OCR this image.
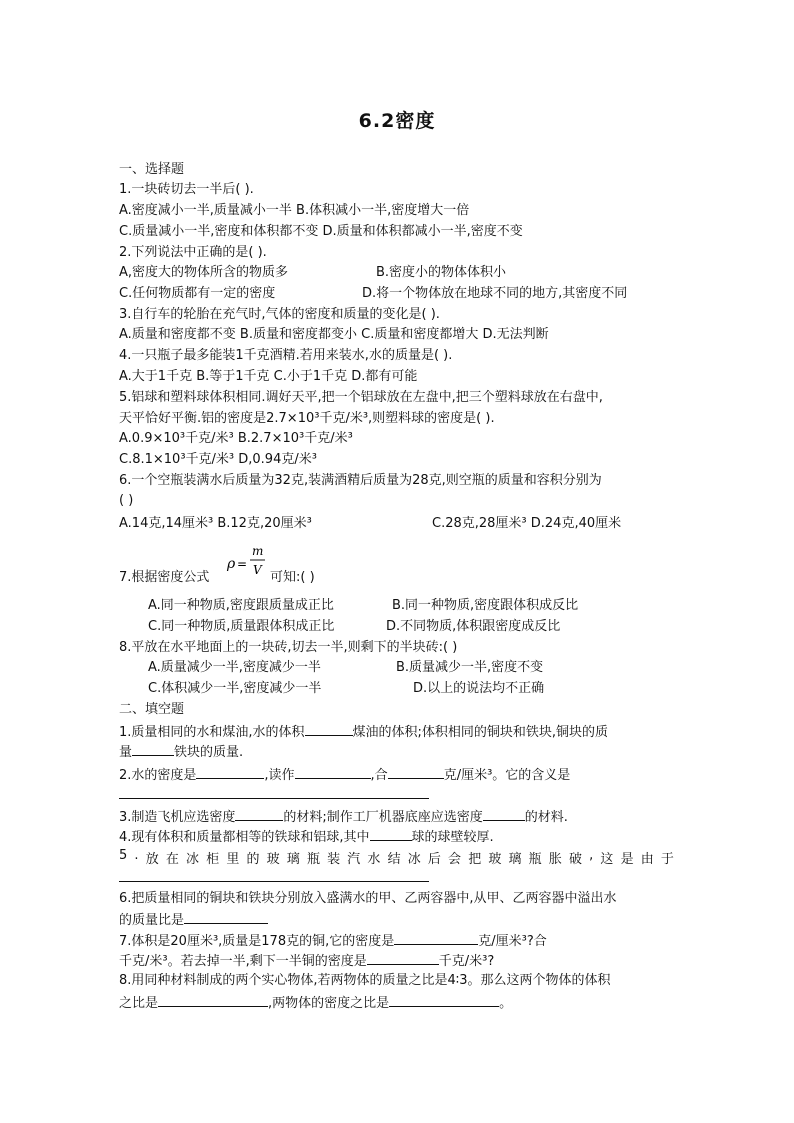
6.2密度
一、选择题
1.一块砖切去一半后( ).
A.密度减小一半,质量减小一半 B.体积减小一半,密度增大一倍
C.质量减小一半,密度和体积都不变 D.质量和体积都减小一半,密度不变
2.下列说法中正确的是( ).
A,密度大的物体所含的物质多	B.密度小的物体体积小
C.任何物质都有一定的密度	D.将一个物体放在地球不同的地方,其密度不同
3.自行车的轮胎在充气时,气体的密度和质量的变化是( ).
A.质量和密度都不变 B.质量和密度都变小 C.质量和密度都增大 D.无法判断
4.一只瓶子最多能装1千克酒精.若用来装水,水的质量是( ).
A.大于1千克 B.等于1千克 C.小于1千克 D.都有可能
5.铝球和塑料球体积相同.调好天平,把一个铝球放在左盘中,把三个塑料球放在右盘中,
天平恰好平衡.铝的密度是2.7×10³千克/米³,则塑料球的密度是( ).
A.0.9×10³千克/米³ B.2.7×10³千克/米³
C.8.1×10³千克/米³ D,0.94克/米³
6.一个空瓶装满水后质量为32克,装满酒精后质量为28克,则空瓶的质量和容积分别为
( )
A.14克,14厘米³ B.12克,20厘米³	C.28克,28厘米³ D.24克,40厘米
7.根据密度公式
ρ =
m
V 可知:( )
A.同一种物质,密度跟质量成正比	B.同一种物质,密度跟体积成反比
C.同一种物质,质量跟体积成正比	D.不同物质,体积跟密度成反比
8.平放在水平地面上的一块砖,切去一半,则剩下的半块砖:( )
A.质量减少一半,密度减少一半	B.质量减少一半,密度不变
C.体积减少一半,密度减少一半	D.以上的说法均不正确
二、填空题
1.质量相同的水和煤油,水的体积	煤油的体积;体积相同的铜块和铁块,铜块的质
量	铁块的质量.
2.水的密度是	,读作	,合	克/厘米³。它的含义是
3.制造飞机应选密度	的材料;制作工厂机器底座应选密度	的材料.
4.现有体积和质量都相等的铁球和铝球,其中	球的球壁较厚.
5 . 放 在 冰 柜 里 的 玻 璃 瓶 装 汽 水 结 冰 后 会 把 玻 璃 瓶 胀 破 , 这 是 由 于
6.把质量相同的铜块和铁块分别放入盛满水的甲、乙两容器中,从甲、乙两容器中溢出水
的质量比是
7.体积是20厘米³,质量是178克的铜,它的密度是	克/厘米³?合
千克/米³。若去掉一半,剩下一半铜的密度是	千克/米³?
8.用同种材料制成的两个实心物体,若两物体的质量之比是4∶3。那么这两个物体的体积
之比是	,两物体的密度之比是	。
